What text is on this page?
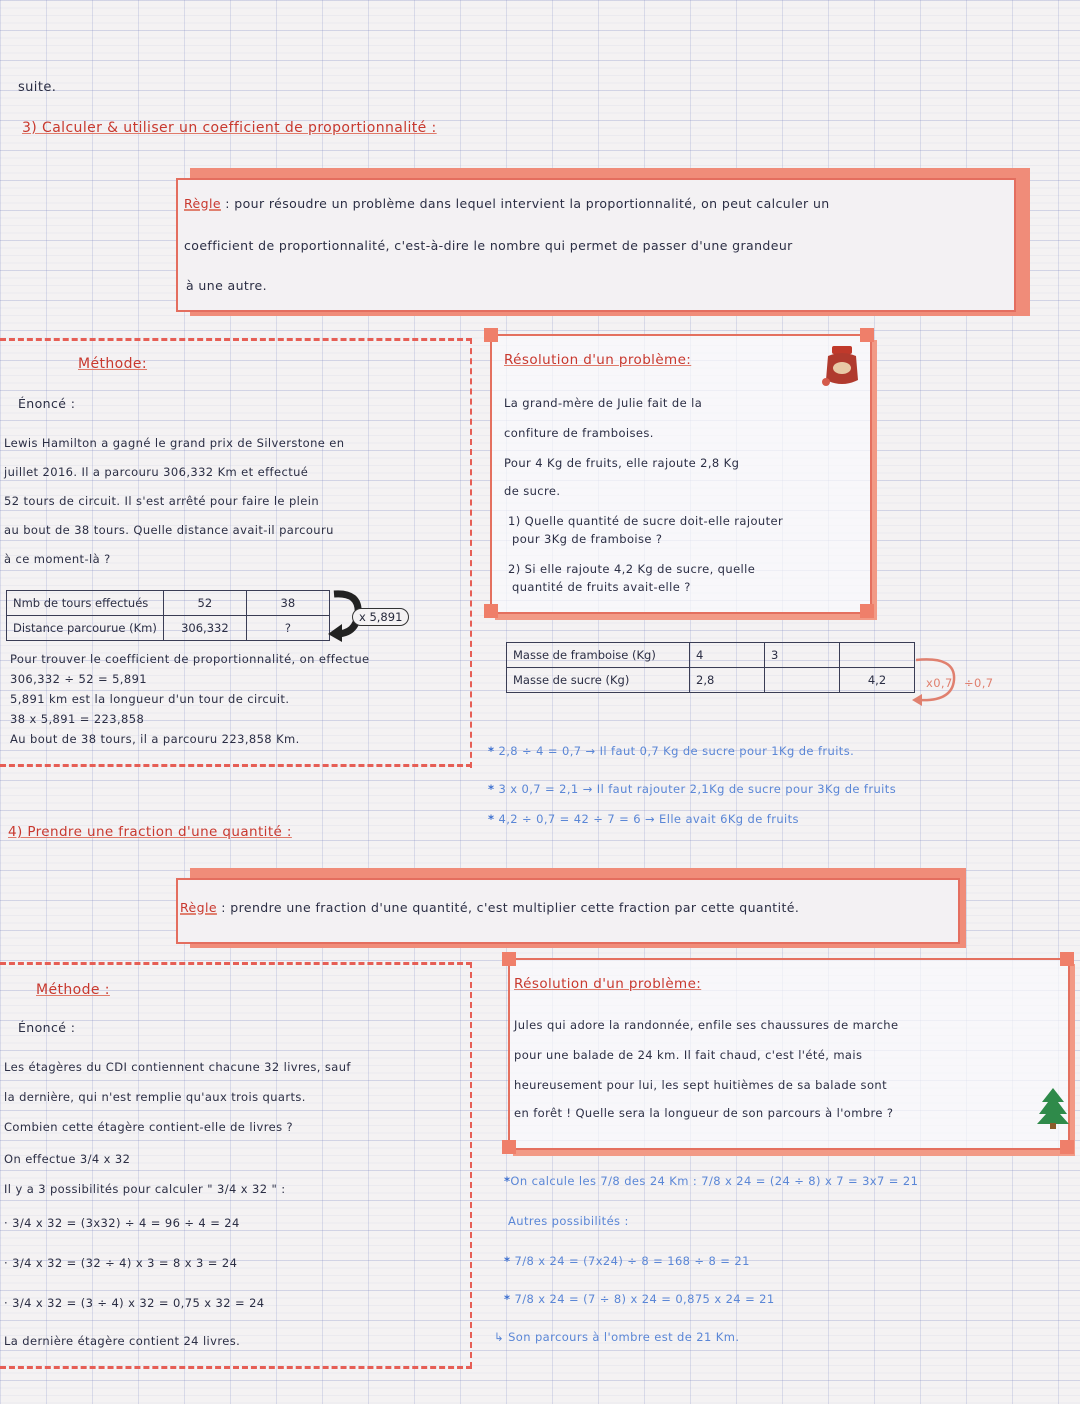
suite.
3) Calculer & utiliser un coefficient de proportionnalité :
Règle : pour résoudre un problème dans lequel intervient la proportionnalité, on peut calculer un
coefficient de proportionnalité, c'est-à-dire le nombre qui permet de passer d'une grandeur
à une autre.
Méthode:
Énoncé :
Lewis Hamilton a gagné le grand prix de Silverstone en
juillet 2016. Il a parcouru 306,332 Km et effectué
52 tours de circuit. Il s'est arrêté pour faire le plein
au bout de 38 tours. Quelle distance avait-il parcouru
à ce moment-là ?
Nmb de tours effectués	52	38
Distance parcourue (Km)	306,332	?
x 5,891
Pour trouver le coefficient de proportionnalité, on effectue
306,332 ÷ 52 = 5,891
5,891 km est la longueur d'un tour de circuit.
38 x 5,891 = 223,858
Au bout de 38 tours, il a parcouru 223,858 Km.
Résolution d'un problème:
La grand-mère de Julie fait de la
confiture de framboises.
Pour 4 Kg de fruits, elle rajoute 2,8 Kg
de sucre.
1) Quelle quantité de sucre doit-elle rajouter
pour 3Kg de framboise ?
2) Si elle rajoute 4,2 Kg de sucre, quelle
quantité de fruits avait-elle ?
Masse de framboise (Kg)	4	3	
Masse de sucre (Kg)	2,8		4,2	x0,7 ÷0,7
* 2,8 ÷ 4 = 0,7 → Il faut 0,7 Kg de sucre pour 1Kg de fruits.
* 3 x 0,7 = 2,1 → Il faut rajouter 2,1Kg de sucre pour 3Kg de fruits
* 4,2 ÷ 0,7 = 42 ÷ 7 = 6 → Elle avait 6Kg de fruits
4) Prendre une fraction d'une quantité :
Règle : prendre une fraction d'une quantité, c'est multiplier cette fraction par cette quantité.
Méthode :
Énoncé :
Les étagères du CDI contiennent chacune 32 livres, sauf
la dernière, qui n'est remplie qu'aux trois quarts.
Combien cette étagère contient-elle de livres ?
On effectue 3/4 x 32
Il y a 3 possibilités pour calculer " 3/4 x 32 " :
· 3/4 x 32 = (3x32) ÷ 4 = 96 ÷ 4 = 24
· 3/4 x 32 = (32 ÷ 4) x 3 = 8 x 3 = 24
· 3/4 x 32 = (3 ÷ 4) x 32 = 0,75 x 32 = 24
La dernière étagère contient 24 livres.
Résolution d'un problème:
Jules qui adore la randonnée, enfile ses chaussures de marche
pour une balade de 24 km. Il fait chaud, c'est l'été, mais
heureusement pour lui, les sept huitièmes de sa balade sont
en forêt ! Quelle sera la longueur de son parcours à l'ombre ?
*On calcule les 7/8 des 24 Km : 7/8 x 24 = (24 ÷ 8) x 7 = 3x7 = 21
Autres possibilités :
* 7/8 x 24 = (7x24) ÷ 8 = 168 ÷ 8 = 21
* 7/8 x 24 = (7 ÷ 8) x 24 = 0,875 x 24 = 21
↳ Son parcours à l'ombre est de 21 Km.
